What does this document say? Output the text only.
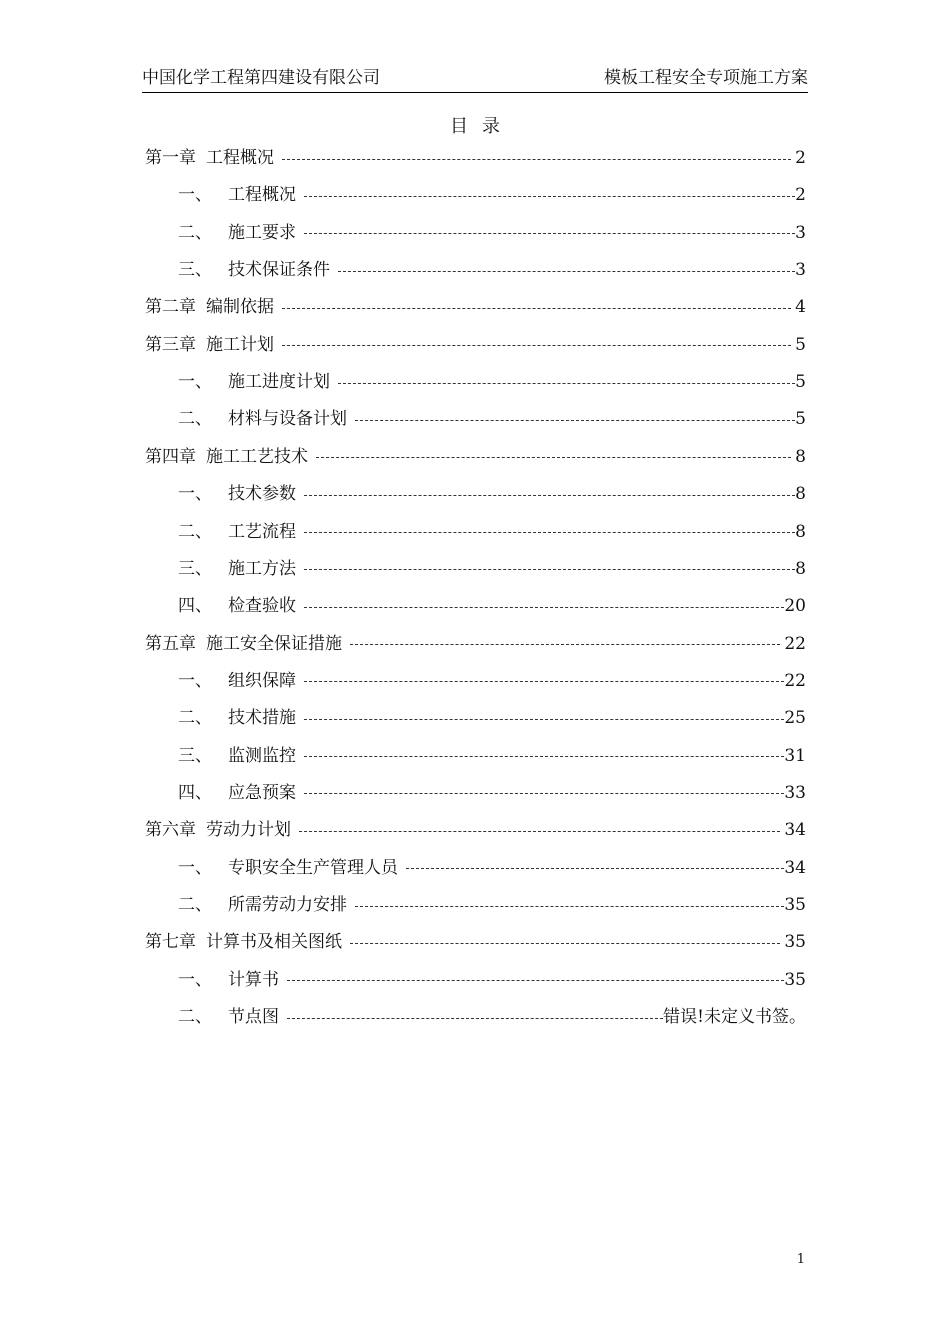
中国化学工程第四建设有限公司	模板工程安全专项施工方案
目录
第一章 工程概况	2
一、 工程概况	2
二、 施工要求	3
三、 技术保证条件	3
第二章 编制依据	4
第三章 施工计划	5
一、 施工进度计划	5
二、 材料与设备计划	5
第四章 施工工艺技术	8
一、 技术参数	8
二、 工艺流程	8
三、 施工方法	8
四、 检查验收	20
第五章 施工安全保证措施	22
一、 组织保障	22
二、 技术措施	25
三、 监测监控	31
四、 应急预案	33
第六章 劳动力计划	34
一、 专职安全生产管理人员	34
二、 所需劳动力安排	35
第七章 计算书及相关图纸	35
一、 计算书	35
二、 节点图	错误!未定义书签。
1
